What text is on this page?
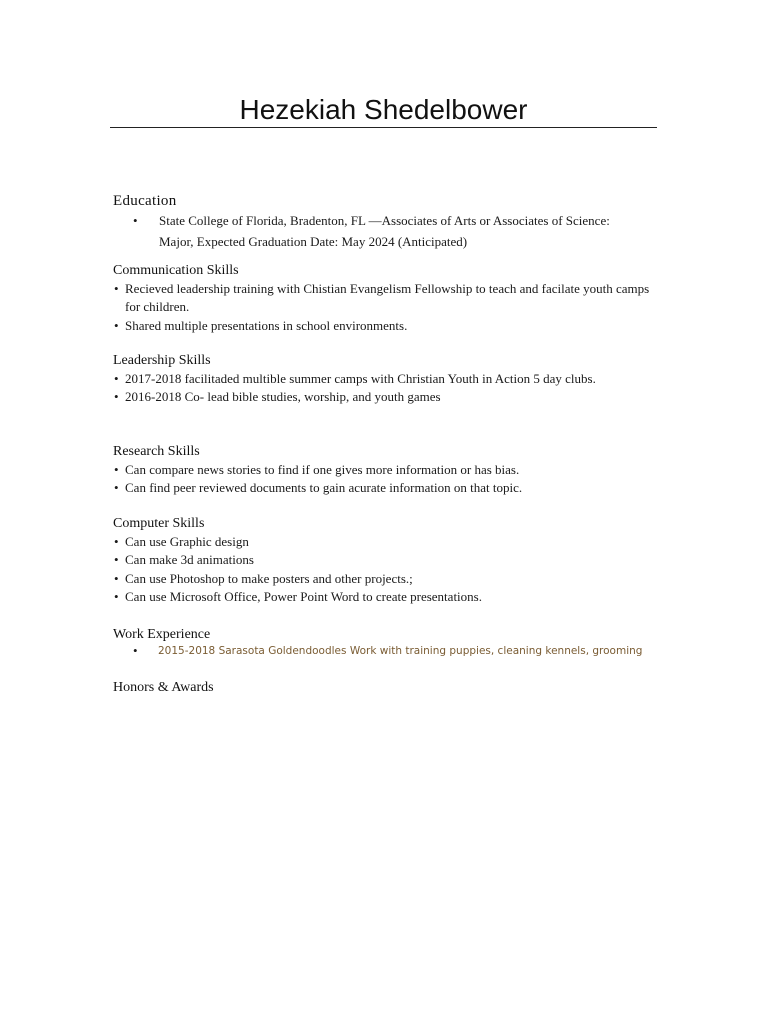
Hezekiah Shedelbower
Education
• State College of Florida, Bradenton, FL —Associates of Arts or Associates of Science: Major, Expected Graduation Date: May 2024 (Anticipated)
Communication Skills
• Recieved leadership training with Chistian Evangelism Fellowship to teach and facilate youth camps for children.
• Shared multiple presentations in school environments.
Leadership Skills
• 2017-2018 facilitaded multible summer camps with Christian Youth in Action 5 day clubs.
• 2016-2018 Co- lead bible studies, worship, and youth games
Research Skills
• Can compare news stories to find if one gives more information or has bias.
• Can find peer reviewed documents to gain acurate information on that topic.
Computer Skills
• Can use Graphic design
• Can make 3d animations
• Can use Photoshop to make posters and other projects.;
• Can use Microsoft Office, Power Point Word to create presentations.
Work Experience
• 2015-2018 Sarasota Goldendoodles Work with training puppies, cleaning kennels, grooming
Honors & Awards
